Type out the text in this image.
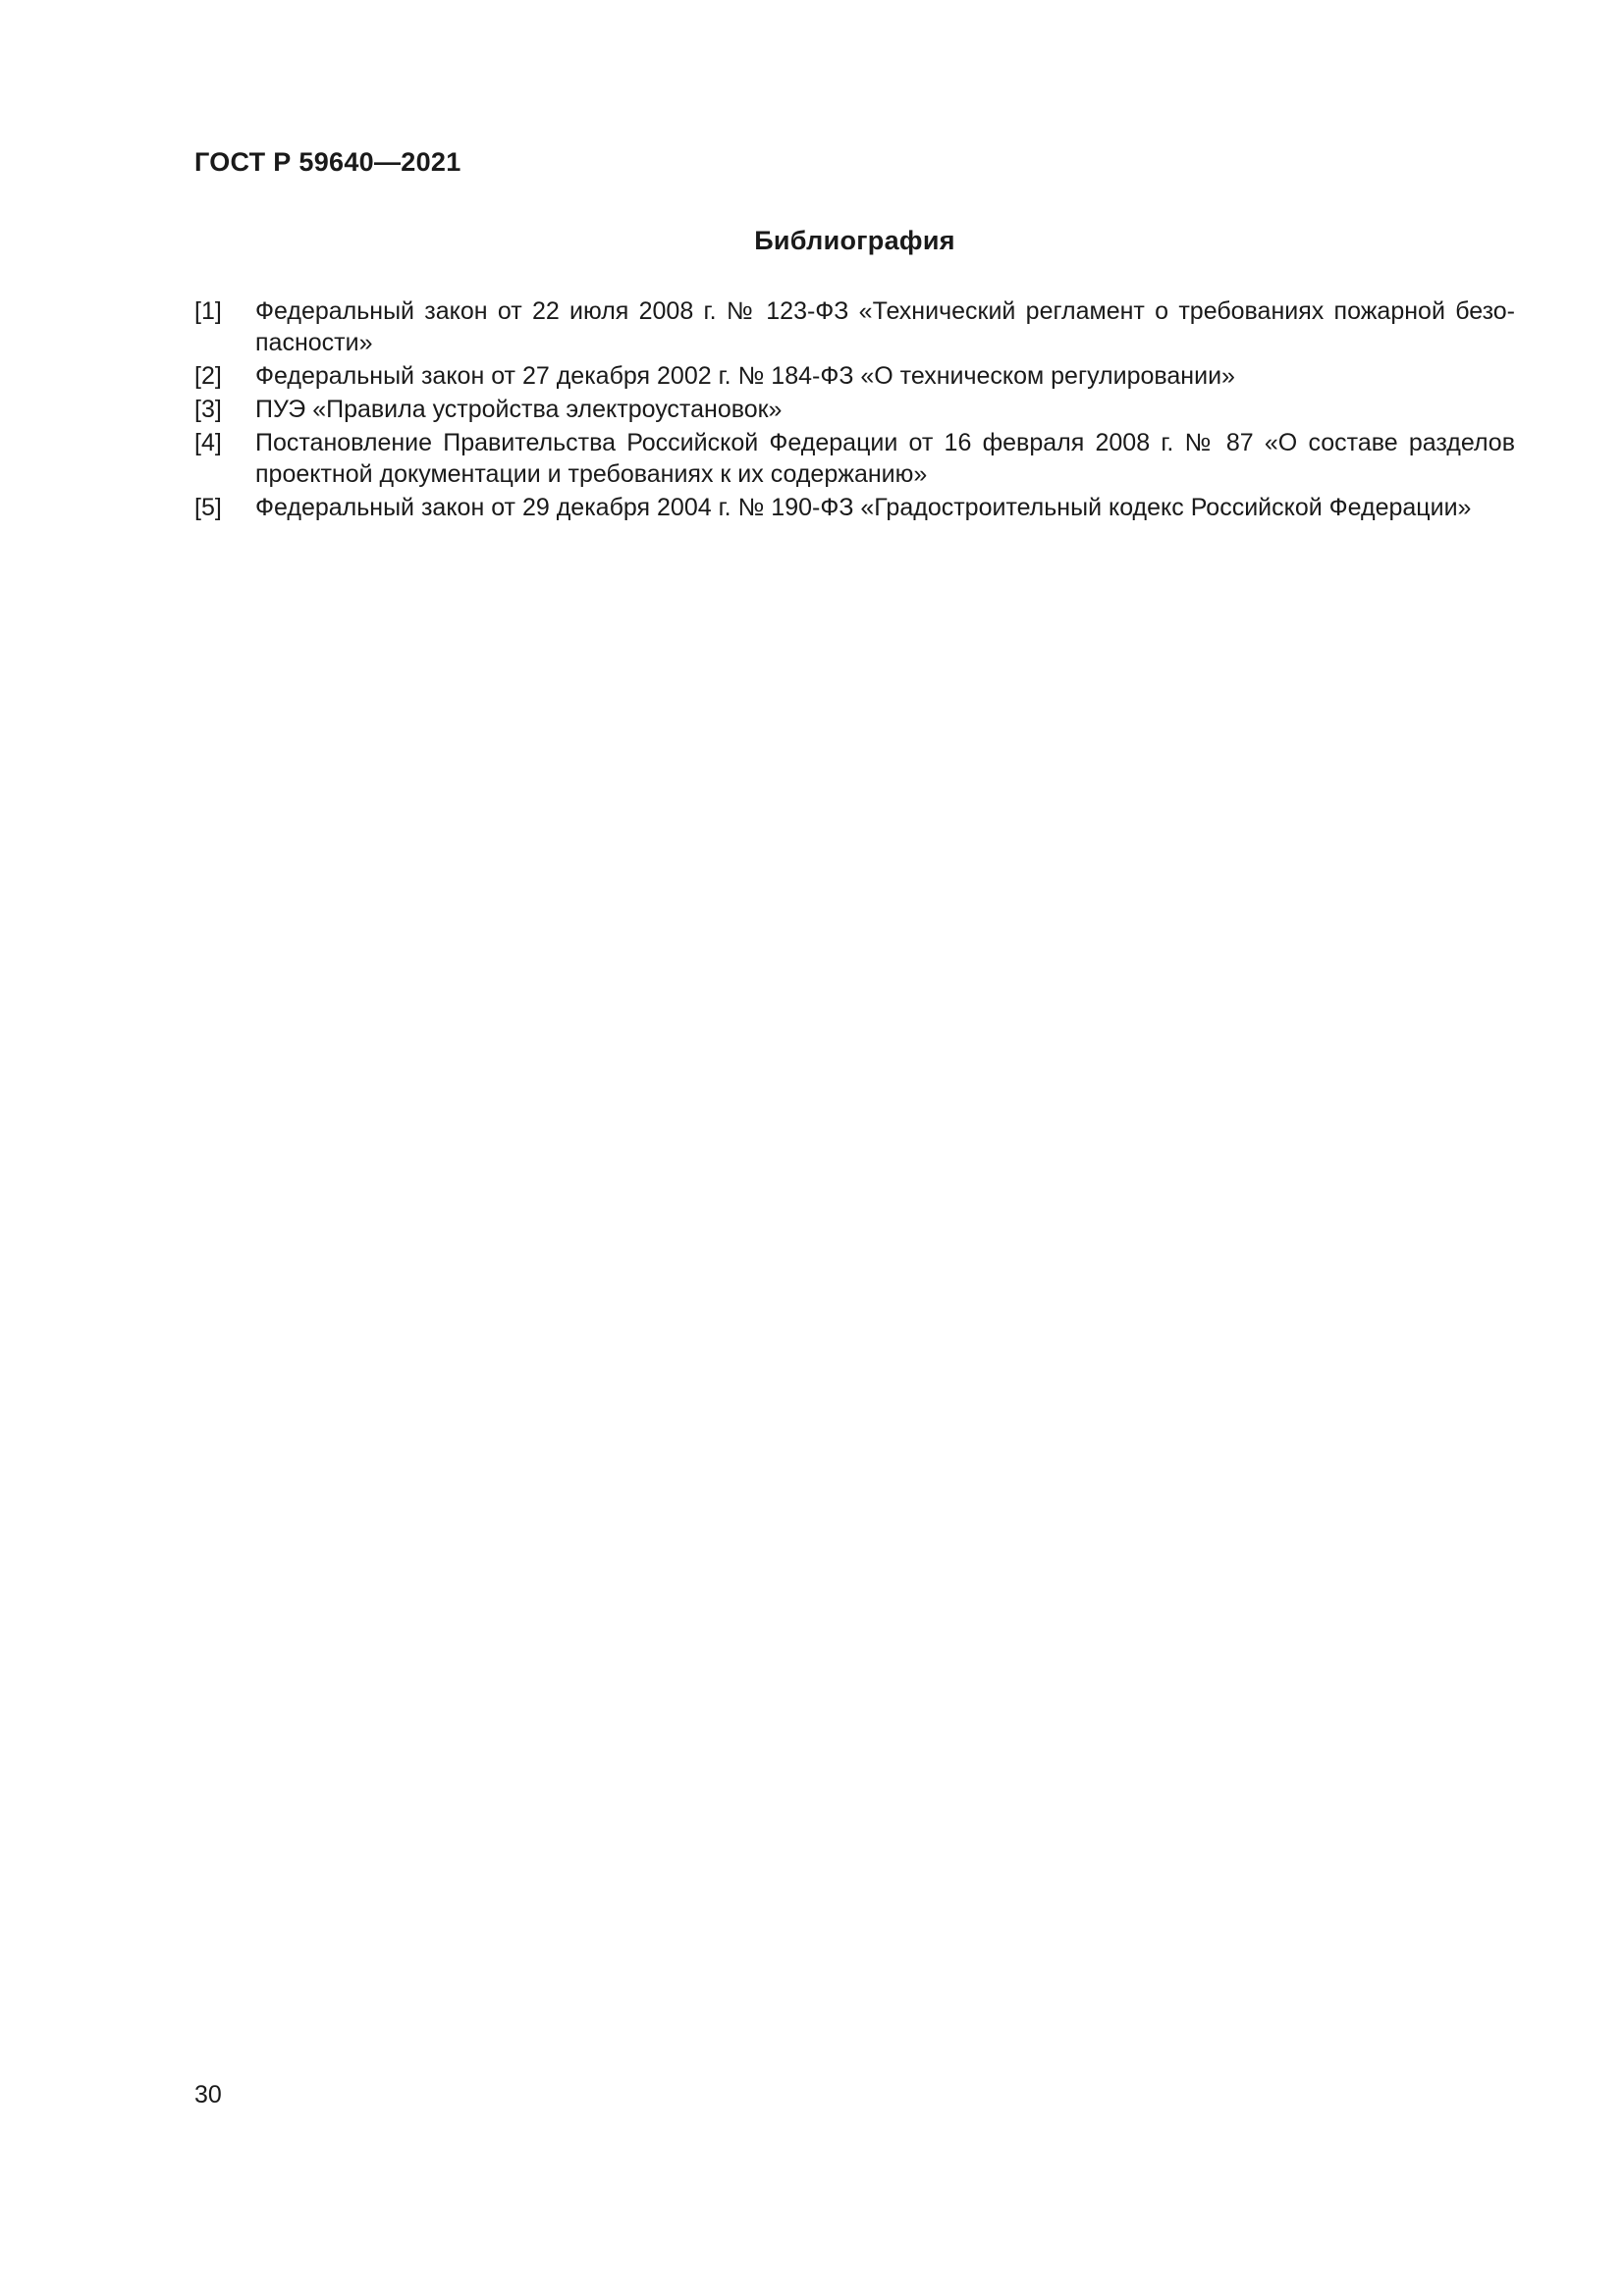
ГОСТ Р 59640—2021

Библиография
[1]	Федеральный закон от 22 июля 2008 г. № 123-ФЗ «Технический регламент о требованиях пожарной безопасности»
[2]	Федеральный закон от 27 декабря 2002 г. № 184-ФЗ «О техническом регулировании»
[3]	ПУЭ «Правила устройства электроустановок»
[4]	Постановление Правительства Российской Федерации от 16 февраля 2008 г. № 87 «О составе разделов проектной документации и требованиях к их содержанию»
[5]	Федеральный закон от 29 декабря 2004 г. № 190-ФЗ «Градостроительный кодекс Российской Федерации»

30
